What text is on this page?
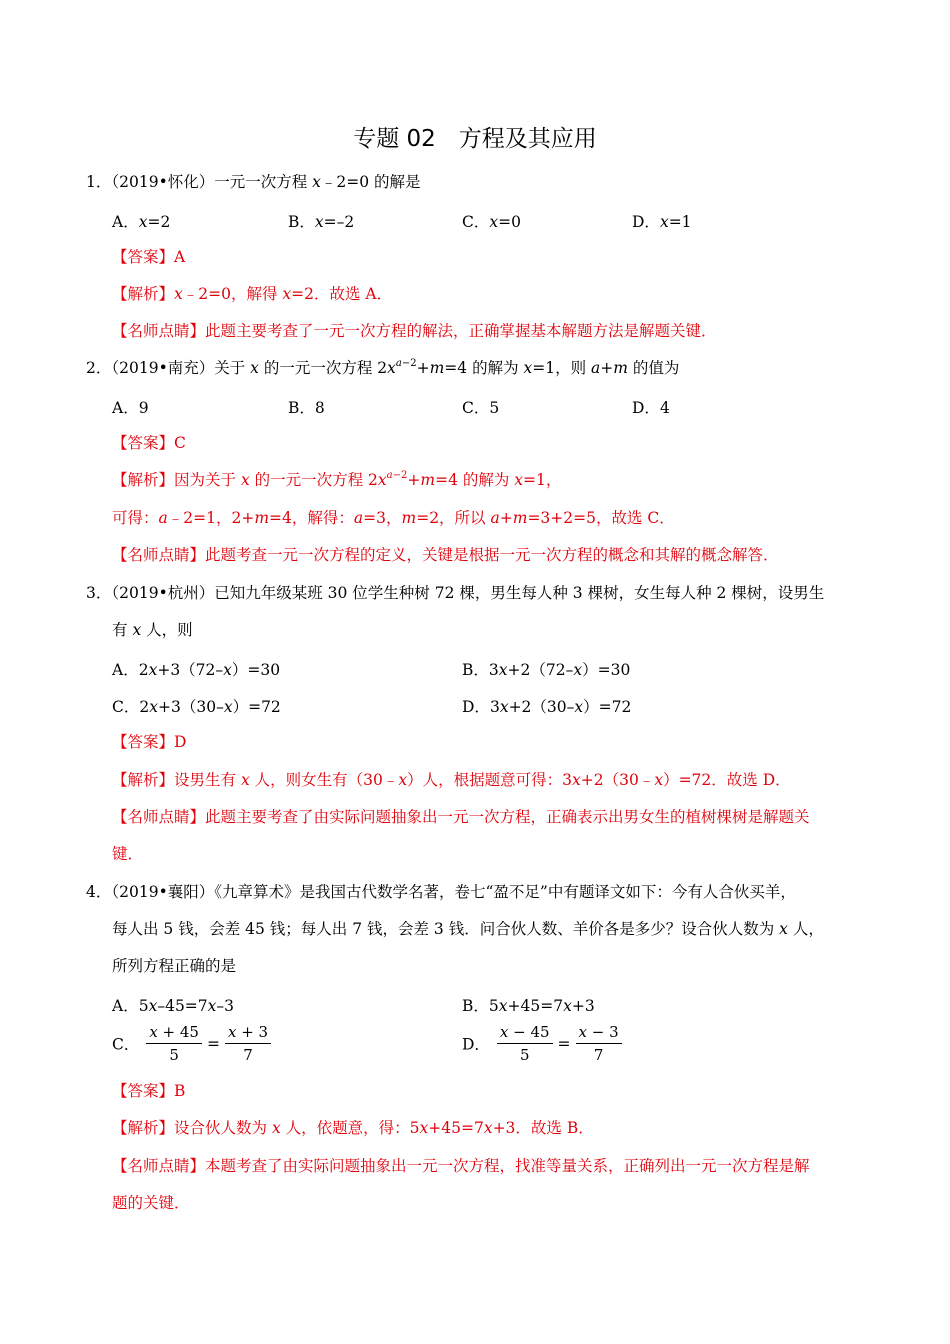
专题 02　方程及其应用
1．（2019•怀化）一元一次方程 x﹣2=0 的解是
A．x=2	B．x=–2	C．x=0	D．x=1
【答案】A
【解析】x﹣2=0，解得 x=2．故选 A．
【名师点睛】此题主要考查了一元一次方程的解法，正确掌握基本解题方法是解题关键．
2．（2019•南充）关于 x 的一元一次方程 $2x^{a-2}+m=4$ 的解为 x=1，则 a+m 的值为
A．9	B．8	C．5	D．4
【答案】C
【解析】因为关于 x 的一元一次方程 $2x^{a-2}+m=4$ 的解为 x=1，
可得：a﹣2=1，2+m=4，解得：a=3，m=2，所以 a+m=3+2=5，故选 C．
【名师点睛】此题考查一元一次方程的定义，关键是根据一元一次方程的概念和其解的概念解答．
3．（2019•杭州）已知九年级某班 30 位学生种树 72 棵，男生每人种 3 棵树，女生每人种 2 棵树，设男生
有 x 人，则
A．2x+3（72–x）=30	B．3x+2（72–x）=30
C．2x+3（30–x）=72	D．3x+2（30–x）=72
【答案】D
【解析】设男生有 x 人，则女生有（30﹣x）人，根据题意可得：3x+2（30﹣x）=72．故选 D．
【名师点睛】此题主要考查了由实际问题抽象出一元一次方程，正确表示出男女生的植树棵树是解题关
键．
4．（2019•襄阳）《九章算术》是我国古代数学名著，卷七“盈不足”中有题译文如下：今有人合伙买羊，
每人出 5 钱，会差 45 钱；每人出 7 钱，会差 3 钱．问合伙人数、羊价各是多少？设合伙人数为 x 人，
所列方程正确的是
A．5x–45=7x–3	B．5x+45=7x+3
C． $\frac{x + 45}{5} = \frac{x + 3}{7}$	D． $\frac{x - 45}{5} = \frac{x - 3}{7}$
【答案】B
【解析】设合伙人数为 x 人，依题意，得：5x+45=7x+3．故选 B．
【名师点睛】本题考查了由实际问题抽象出一元一次方程，找准等量关系，正确列出一元一次方程是解
题的关键．
